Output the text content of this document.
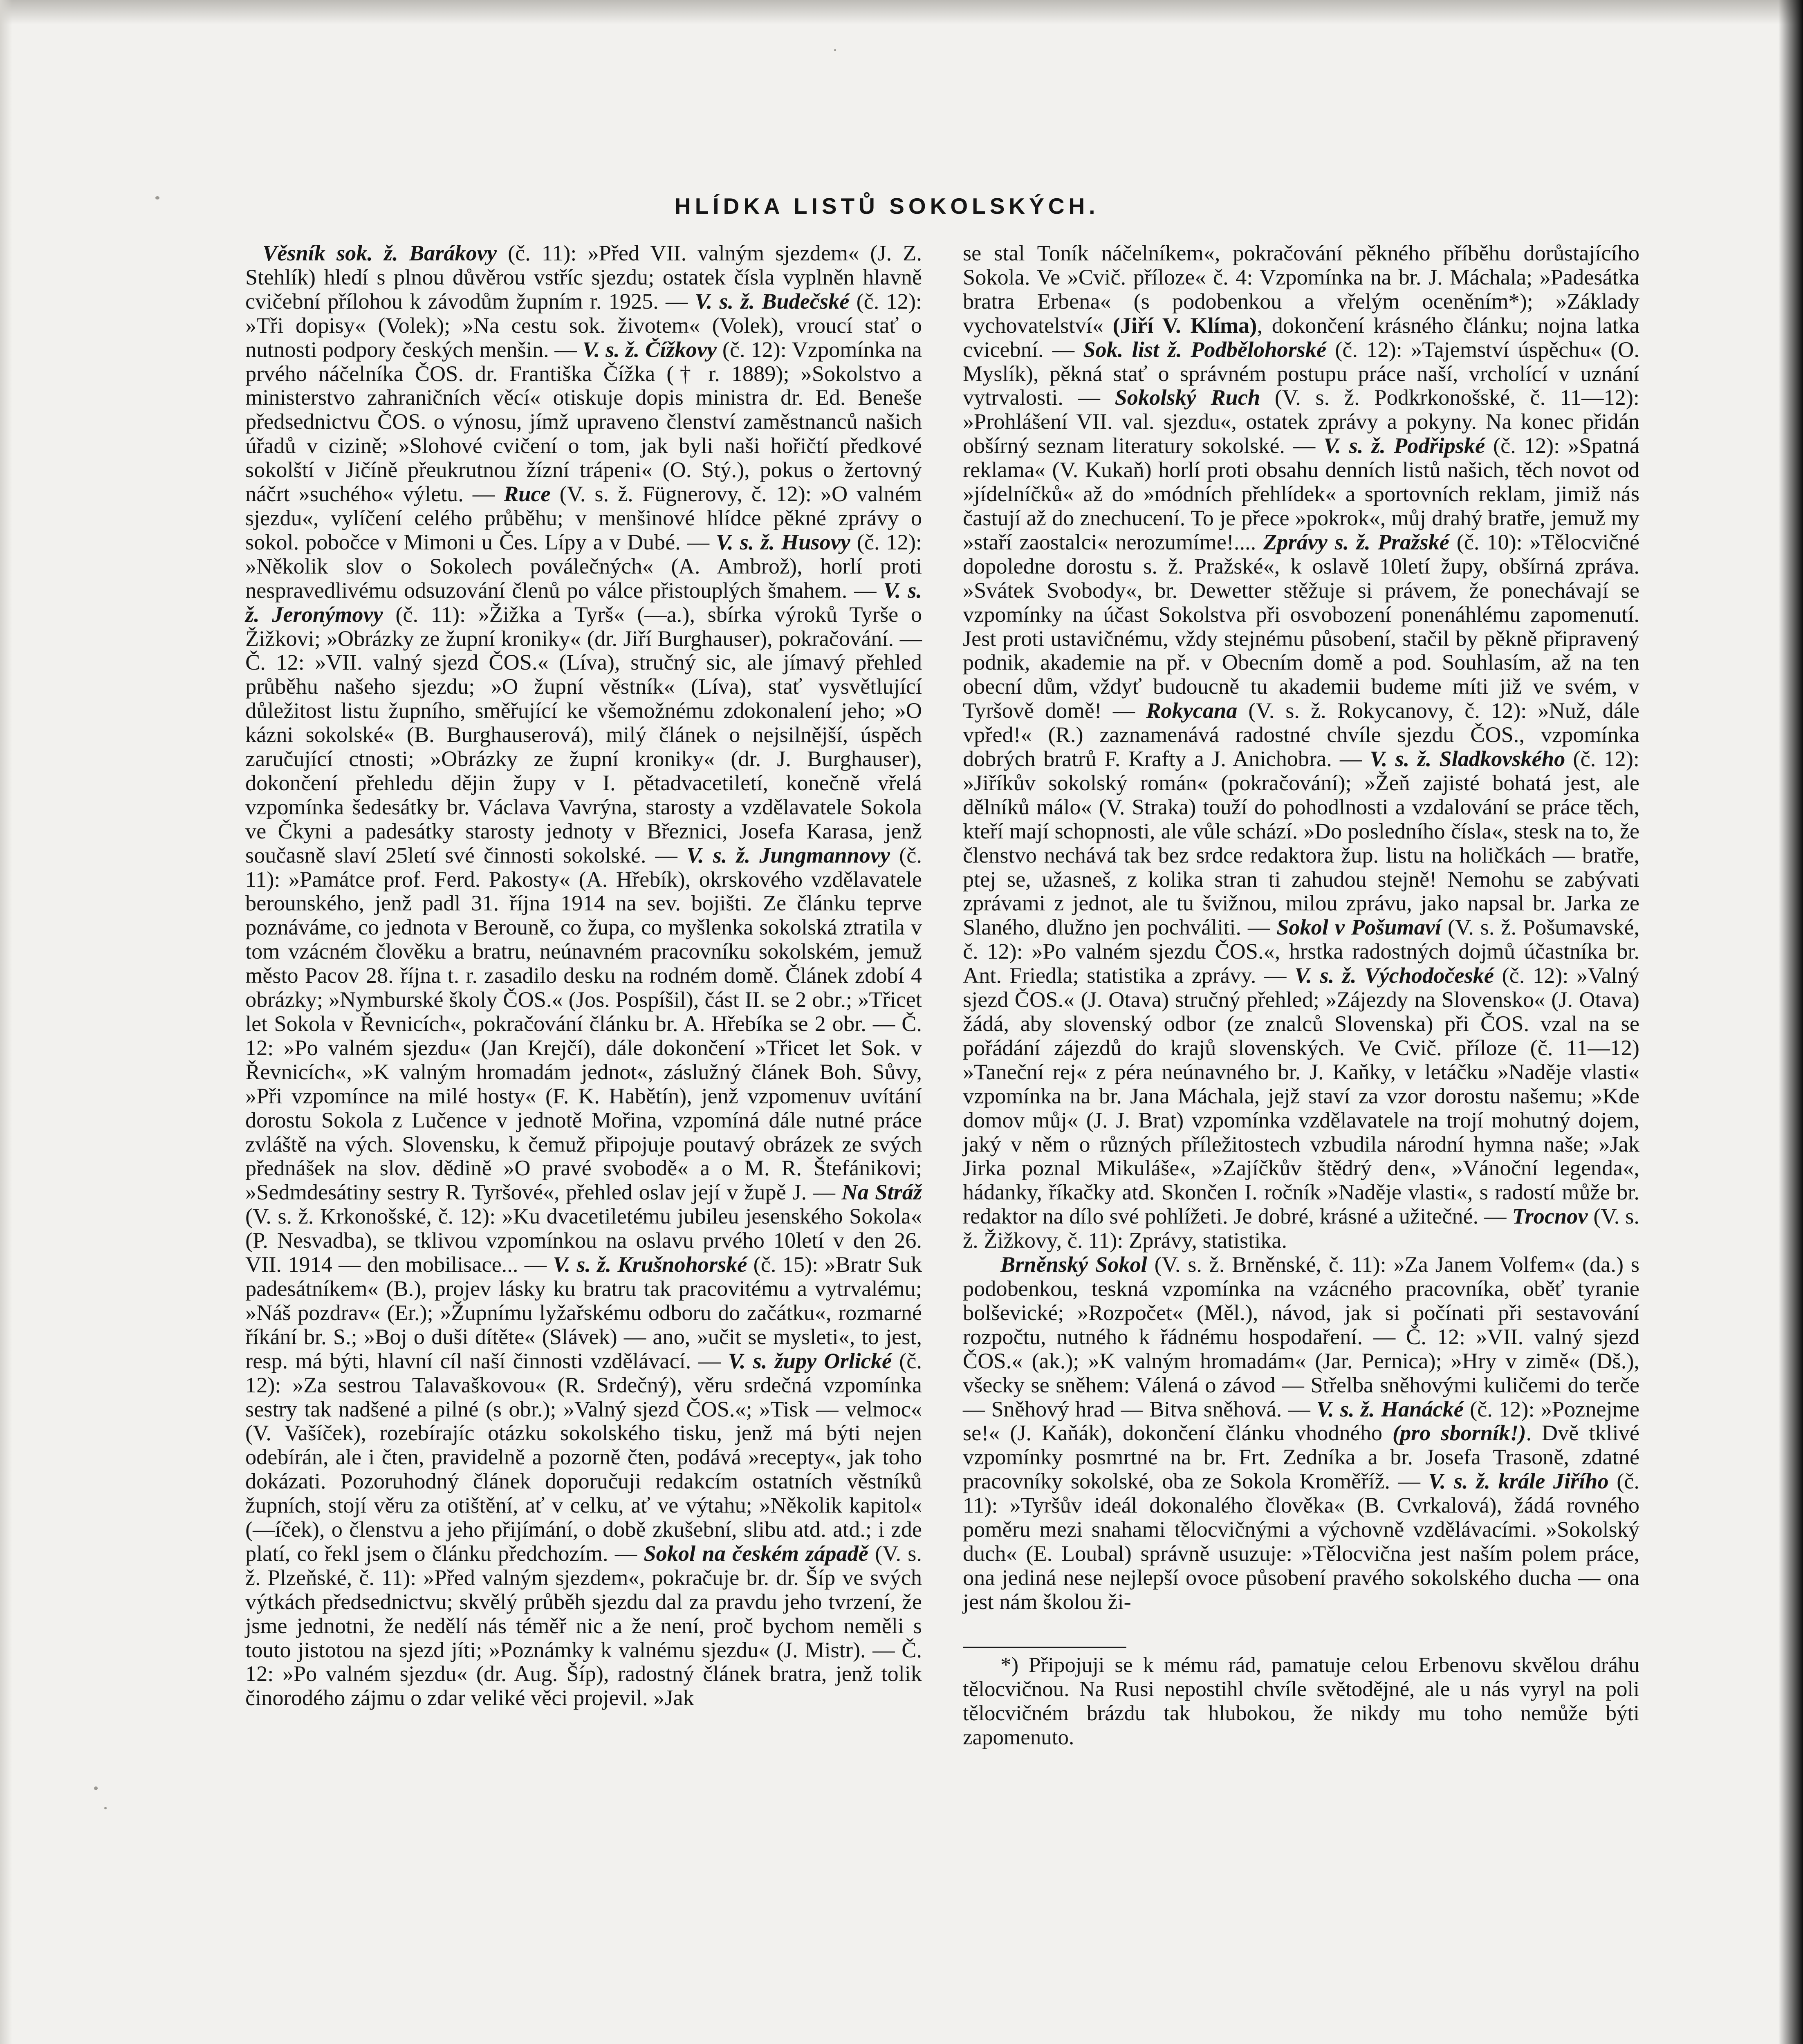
HLÍDKA LISTŮ SOKOLSKÝCH.

Věsník sok. ž. Barákovy (č. 11): »Před VII. valným sjezdem« (J. Z. Stehlík) hledí s plnou důvěrou vstříc sjezdu; ostatek čísla vyplněn hlavně cvičební přílohou k závodům župním r. 1925. — V. s. ž. Budečské (č. 12): »Tři dopisy« (Volek); »Na cestu sok. životem« (Volek), vroucí stať o nutnosti podpory českých menšin. — V. s. ž. Čížkovy (č. 12): Vzpomínka na prvého náčelníka ČOS. dr. Františka Čížka († r. 1889); »Sokolstvo a ministerstvo zahraničních věcí« otiskuje dopis ministra dr. Ed. Beneše předsednictvu ČOS. o výnosu, jímž upraveno členství zaměstnanců našich úřadů v cizině; »Slohové cvičení o tom, jak byli naši hořičtí předkové sokolští v Jičíně přeukrutnou žízní trápeni« (O. Stý.), pokus o žertovný náčrt »suchého« výletu. — Ruce (V. s. ž. Fügnerovy, č. 12): »O valném sjezdu«, vylíčení celého průběhu; v menšinové hlídce pěkné zprávy o sokol. pobočce v Mimoni u Čes. Lípy a v Dubé. — V. s. ž. Husovy (č. 12): »Několik slov o Sokolech poválečných« (A. Ambrož), horlí proti nespravedlivému odsuzování členů po válce přistouplých šmahem. — V. s. ž. Jeronýmovy (č. 11): »Žižka a Tyrš« (—a.), sbírka výroků Tyrše o Žižkovi; »Obrázky ze župní kroniky« (dr. Jiří Burghauser), pokračování. — Č. 12: »VII. valný sjezd ČOS.« (Líva), stručný sic, ale jímavý přehled průběhu našeho sjezdu; »O župní věstník« (Líva), stať vysvětlující důležitost listu župního, směřující ke všemožnému zdokonalení jeho; »O kázni sokolské« (B. Burghauserová), milý článek o nejsilnější, úspěch zaručující ctnosti; »Obrázky ze župní kroniky« (dr. J. Burghauser), dokončení přehledu dějin župy v I. pětadvacetiletí, konečně vřelá vzpomínka šedesátky br. Václava Vavrýna, starosty a vzdělavatele Sokola ve Čkyni a padesátky starosty jednoty v Březnici, Josefa Karasa, jenž současně slaví 25letí své činnosti sokolské. — V. s. ž. Jungmannovy (č. 11): »Památce prof. Ferd. Pakosty« (A. Hřebík), okrskového vzdělavatele berounského, jenž padl 31. října 1914 na sev. bojišti. Ze článku teprve poznáváme, co jednota v Berouně, co župa, co myšlenka sokolská ztratila v tom vzácném člověku a bratru, neúnavném pracovníku sokolském, jemuž město Pacov 28. října t. r. zasadilo desku na rodném domě. Článek zdobí 4 obrázky; »Nymburské školy ČOS.« (Jos. Pospíšil), část II. se 2 obr.; »Třicet let Sokola v Řevnicích«, pokračování článku br. A. Hřebíka se 2 obr. — Č. 12: »Po valném sjezdu« (Jan Krejčí), dále dokončení »Třicet let Sok. v Řevnicích«, »K valným hromadám jednot«, záslužný článek Boh. Sůvy, »Při vzpomínce na milé hosty« (F. K. Habětín), jenž vzpomenuv uvítání dorostu Sokola z Lučence v jednotě Mořina, vzpomíná dále nutné práce zvláště na vých. Slovensku, k čemuž připojuje poutavý obrázek ze svých přednášek na slov. dědině »O pravé svobodě« a o M. R. Štefánikovi; »Sedmdesátiny sestry R. Tyršové«, přehled oslav její v župě J. — Na Stráž (V. s. ž. Krkonošské, č. 12): »Ku dvacetiletému jubileu jesenského Sokola« (P. Nesvadba), se tklivou vzpomínkou na oslavu prvého 10letí v den 26. VII. 1914 — den mobilisace... — V. s. ž. Krušnohorské (č. 15): »Bratr Suk padesátníkem« (B.), projev lásky ku bratru tak pracovitému a vytrvalému; »Náš pozdrav« (Er.); »Župnímu lyžařskému odboru do začátku«, rozmarné říkání br. S.; »Boj o duši dítěte« (Slávek) — ano, »učit se mysleti«, to jest, resp. má býti, hlavní cíl naší činnosti vzdělávací. — V. s. župy Orlické (č. 12): »Za sestrou Talavaškovou« (R. Srdečný), věru srdečná vzpomínka sestry tak nadšené a pilné (s obr.); »Valný sjezd ČOS.«; »Tisk — velmoc« (V. Vašíček), rozebírajíc otázku sokolského tisku, jenž má býti nejen odebírán, ale i čten, pravidelně a pozorně čten, podává »recepty«, jak toho dokázati. Pozoruhodný článek doporučuji redakcím ostatních věstníků župních, stojí věru za otištění, ať v celku, ať ve výtahu; »Několik kapitol« (—íček), o členstvu a jeho přijímání, o době zkušební, slibu atd. atd.; i zde platí, co řekl jsem o článku předchozím. — Sokol na českém západě (V. s. ž. Plzeňské, č. 11): »Před valným sjezdem«, pokračuje br. dr. Šíp ve svých výtkách předsednictvu; skvělý průběh sjezdu dal za pravdu jeho tvrzení, že jsme jednotni, že nedělí nás téměř nic a že není, proč bychom neměli s touto jistotou na sjezd jíti; »Poznámky k valnému sjezdu« (J. Mistr). — Č. 12: »Po valném sjezdu« (dr. Aug. Šíp), radostný článek bratra, jenž tolik činorodého zájmu o zdar veliké věci projevil. »Jak

se stal Toník náčelníkem«, pokračování pěkného příběhu dorůstajícího Sokola. Ve »Cvič. příloze« č. 4: Vzpomínka na br. J. Máchala; »Padesátka bratra Erbena« (s podobenkou a vřelým oceněním*); »Základy vychovatelství« (Jiří V. Klíma), dokončení krásného článku; nojna latka cvicební. — Sok. list ž. Podbělohorské (č. 12): »Tajemství úspěchu« (O. Myslík), pěkná stať o správném postupu práce naší, vrcholící v uznání vytrvalosti. — Sokolský Ruch (V. s. ž. Podkrkonošské, č. 11—12): »Prohlášení VII. val. sjezdu«, ostatek zprávy a pokyny. Na konec přidán obšírný seznam literatury sokolské. — V. s. ž. Podřipské (č. 12): »Spatná reklama« (V. Kukaň) horlí proti obsahu denních listů našich, těch novot od »jídelníčků« až do »módních přehlídek« a sportovních reklam, jimiž nás častují až do znechucení. To je přece »pokrok«, můj drahý bratře, jemuž my »staří zaostalci« nerozumíme!.... Zprávy s. ž. Pražské (č. 10): »Tělocvičné dopoledne dorostu s. ž. Pražské«, k oslavě 10letí župy, obšírná zpráva. »Svátek Svobody«, br. Dewetter stěžuje si právem, že ponechávají se vzpomínky na účast Sokolstva při osvobození ponenáhlému zapomenutí. Jest proti ustavičnému, vždy stejnému působení, stačil by pěkně připravený podnik, akademie na př. v Obecním domě a pod. Souhlasím, až na ten obecní dům, vždyť budoucně tu akademii budeme míti již ve svém, v Tyršově domě! — Rokycana (V. s. ž. Rokycanovy, č. 12): »Nuž, dále vpřed!« (R.) zaznamenává radostné chvíle sjezdu ČOS., vzpomínka dobrých bratrů F. Krafty a J. Anichobra. — V. s. ž. Sladkovského (č. 12): »Jiříkův sokolský román« (pokračování); »Žeň zajisté bohatá jest, ale dělníků málo« (V. Straka) touží do pohodlnosti a vzdalování se práce těch, kteří mají schopnosti, ale vůle schází. »Do posledního čísla«, stesk na to, že členstvo nechává tak bez srdce redaktora žup. listu na holičkách — bratře, ptej se, užasneš, z kolika stran ti zahudou stejně! Nemohu se zabývati zprávami z jednot, ale tu švižnou, milou zprávu, jako napsal br. Jarka ze Slaného, dlužno jen pochváliti. — Sokol v Pošumaví (V. s. ž. Pošumavské, č. 12): »Po valném sjezdu ČOS.«, hrstka radostných dojmů účastníka br. Ant. Friedla; statistika a zprávy. — V. s. ž. Východočeské (č. 12): »Valný sjezd ČOS.« (J. Otava) stručný přehled; »Zájezdy na Slovensko« (J. Otava) žádá, aby slovenský odbor (ze znalců Slovenska) při ČOS. vzal na se pořádání zájezdů do krajů slovenských. Ve Cvič. příloze (č. 11—12) »Taneční rej« z péra neúnavného br. J. Kaňky, v letáčku »Naděje vlasti« vzpomínka na br. Jana Máchala, jejž staví za vzor dorostu našemu; »Kde domov můj« (J. J. Brat) vzpomínka vzdělavatele na trojí mohutný dojem, jaký v něm o různých příležitostech vzbudila národní hymna naše; »Jak Jirka poznal Mikuláše«, »Zajíčkův štědrý den«, »Vánoční legenda«, hádanky, říkačky atd. Skončen I. ročník »Naděje vlasti«, s radostí může br. redaktor na dílo své pohlížeti. Je dobré, krásné a užitečné. — Trocnov (V. s. ž. Žižkovy, č. 11): Zprávy, statistika.

Brněnský Sokol (V. s. ž. Brněnské, č. 11): »Za Janem Volfem« (da.) s podobenkou, teskná vzpomínka na vzácného pracovníka, oběť tyranie bolševické; »Rozpočet« (Měl.), návod, jak si počínati při sestavování rozpočtu, nutného k řádnému hospodaření. — Č. 12: »VII. valný sjezd ČOS.« (ak.); »K valným hromadám« (Jar. Pernica); »Hry v zimě« (Dš.), všecky se sněhem: Válená o závod — Střelba sněhovými kuličemi do terče — Sněhový hrad — Bitva sněhová. — V. s. ž. Hanácké (č. 12): »Poznejme se!« (J. Kaňák), dokončení článku vhodného (pro sborník!). Dvě tklivé vzpomínky posmrtné na br. Frt. Zedníka a br. Josefa Trasoně, zdatné pracovníky sokolské, oba ze Sokola Kroměříž. — V. s. ž. krále Jiřího (č. 11): »Tyršův ideál dokonalého člověka« (B. Cvrkalová), žádá rovného poměru mezi snahami tělocvičnými a výchovně vzdělávacími. »Sokolský duch« (E. Loubal) správně usuzuje: »Tělocvična jest naším polem práce, ona jediná nese nejlepší ovoce působení pravého sokolského ducha — ona jest nám školou ži-

*) Připojuji se k mému rád, pamatuje celou Erbenovu skvělou dráhu tělocvičnou. Na Rusi nepostihl chvíle světodějné, ale u nás vyryl na poli tělocvičném brázdu tak hlubokou, že nikdy mu toho nemůže býti zapomenuto.
